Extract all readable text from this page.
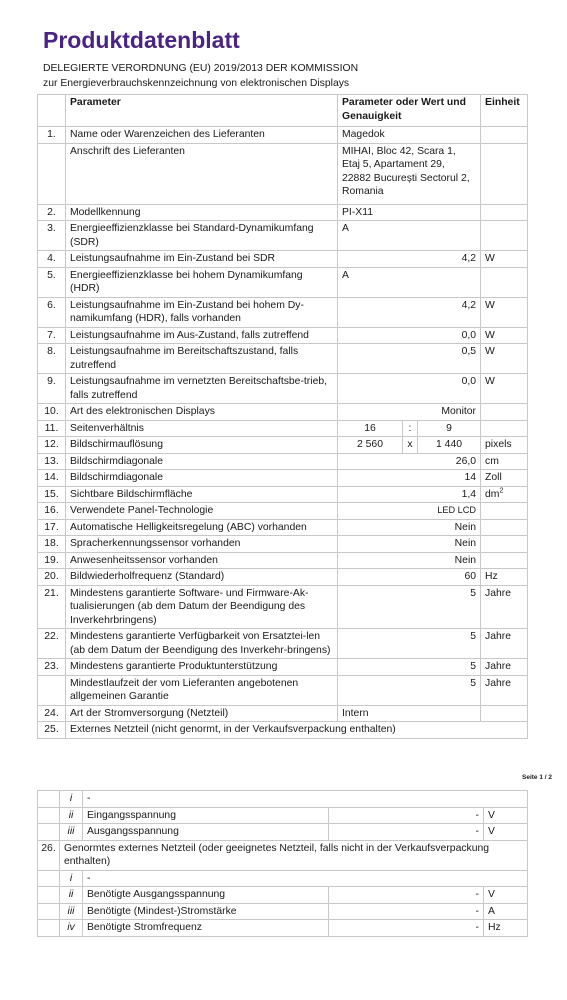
Produktdatenblatt
DELEGIERTE VERORDNUNG (EU) 2019/2013 DER KOMMISSION zur Energieverbrauchskennzeichnung von elektronischen Displays
	Parameter	Parameter oder Wert und Genauigkeit			Einheit
1.	Name oder Warenzeichen des Lieferanten	Magedok			
	Anschrift des Lieferanten	MIHAI, Bloc 42, Scara 1, Etaj 5, Apartament 29, 22882 București Sectorul 2, Romania			
2.	Modellkennung	PI-X11			
3.	Energieeffizienzklasse bei Standard-Dynamikumfang (SDR)	A			
4.	Leistungsaufnahme im Ein-Zustand bei SDR	4,2			W
5.	Energieeffizienzklasse bei hohem Dynamikumfang (HDR)	A			
6.	Leistungsaufnahme im Ein-Zustand bei hohem Dy-namikumfang (HDR), falls vorhanden	4,2			W
7.	Leistungsaufnahme im Aus-Zustand, falls zutreffend	0,0			W
8.	Leistungsaufnahme im Bereitschaftszustand, falls zutreffend	0,5			W
9.	Leistungsaufnahme im vernetzten Bereitschaftsbe-trieb, falls zutreffend	0,0			W
10.	Art des elektronischen Displays	Monitor			
11.	Seitenverhältnis	16	:	9	
12.	Bildschirmauflösung	2 560	x	1 440	pixels
13.	Bildschirmdiagonale	26,0			cm
14.	Bildschirmdiagonale	14			Zoll
15.	Sichtbare Bildschirmfläche	1,4			$dm^2$
16.	Verwendete Panel-Technologie	LED LCD			
17.	Automatische Helligkeitsregelung (ABC) vorhanden	Nein			
18.	Spracherkennungssensor vorhanden	Nein			
19.	Anwesenheitssensor vorhanden	Nein			
20.	Bildwiederholfrequenz (Standard)	60			Hz
21.	Mindestens garantierte Software- und Firmware-Ak-tualisierungen (ab dem Datum der Beendigung des Inverkehrbringens)	5			Jahre
22.	Mindestens garantierte Verfügbarkeit von Ersatztei-len (ab dem Datum der Beendigung des Inverkehr-bringens)	5			Jahre
23.	Mindestens garantierte Produktunterstützung	5			Jahre
	Mindestlaufzeit der vom Lieferanten angebotenen allgemeinen Garantie	5			Jahre
24.	Art der Stromversorgung (Netzteil)	Intern			
25.	Externes Netzteil (nicht genormt, in der Verkaufsverpackung enthalten)				
Seite 1 / 2
	i	-		
	ii	Eingangsspannung	-	V
	iii	Ausgangsspannung	-	V
26.	Genormtes externes Netzteil (oder geeignetes Netzteil, falls nicht in der Verkaufsverpackung enthalten)			
	i	-		
	ii	Benötigte Ausgangsspannung	-	V
	iii	Benötigte (Mindest-)Stromstärke	-	A
	iv	Benötigte Stromfrequenz	-	Hz
